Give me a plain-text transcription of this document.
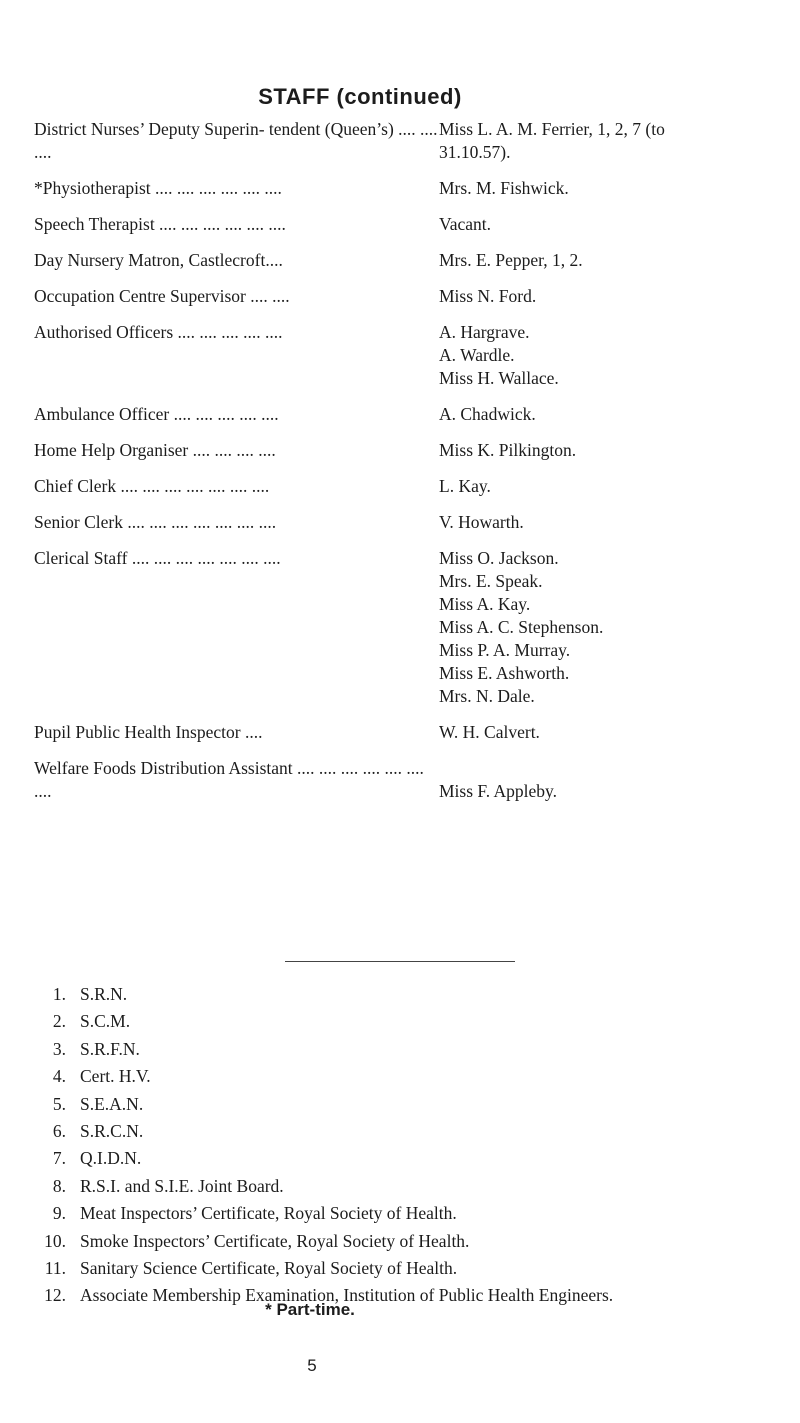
STAFF (continued)
District Nurses’ Deputy Superin- tendent (Queen’s) .... .... ....
Miss L. A. M. Ferrier, 1, 2, 7 (to
31.10.57).
*Physiotherapist .... .... .... .... .... ....	Mrs. M. Fishwick.
Speech Therapist .... .... .... .... .... ....	Vacant.
Day Nursery Matron, Castlecroft....	Mrs. E. Pepper, 1, 2.
Occupation Centre Supervisor .... ....	Miss N. Ford.
Authorised Officers .... .... .... .... ....	A. Hargrave.
A. Wardle.
Miss H. Wallace.
Ambulance Officer .... .... .... .... ....	A. Chadwick.
Home Help Organiser .... .... .... ....	Miss K. Pilkington.
Chief Clerk .... .... .... .... .... .... ....	L. Kay.
Senior Clerk .... .... .... .... .... .... ....	V. Howarth.
Clerical Staff .... .... .... .... .... .... ....	Miss O. Jackson.
Mrs. E. Speak.
Miss A. Kay.
Miss A. C. Stephenson.
Miss P. A. Murray.
Miss E. Ashworth.
Mrs. N. Dale.
Pupil Public Health Inspector ....	W. H. Calvert.
Welfare Foods Distribution Assistant .... .... .... .... .... .... ....	Miss F. Appleby.
1. S.R.N.
2. S.C.M.
3. S.R.F.N.
4. Cert. H.V.
5. S.E.A.N.
6. S.R.C.N.
7. Q.I.D.N.
8. R.S.I. and S.I.E. Joint Board.
9. Meat Inspectors’ Certificate, Royal Society of Health.
10. Smoke Inspectors’ Certificate, Royal Society of Health.
11. Sanitary Science Certificate, Royal Society of Health.
12. Associate Membership Examination, Institution of Public Health Engineers.
* Part-time.
5
